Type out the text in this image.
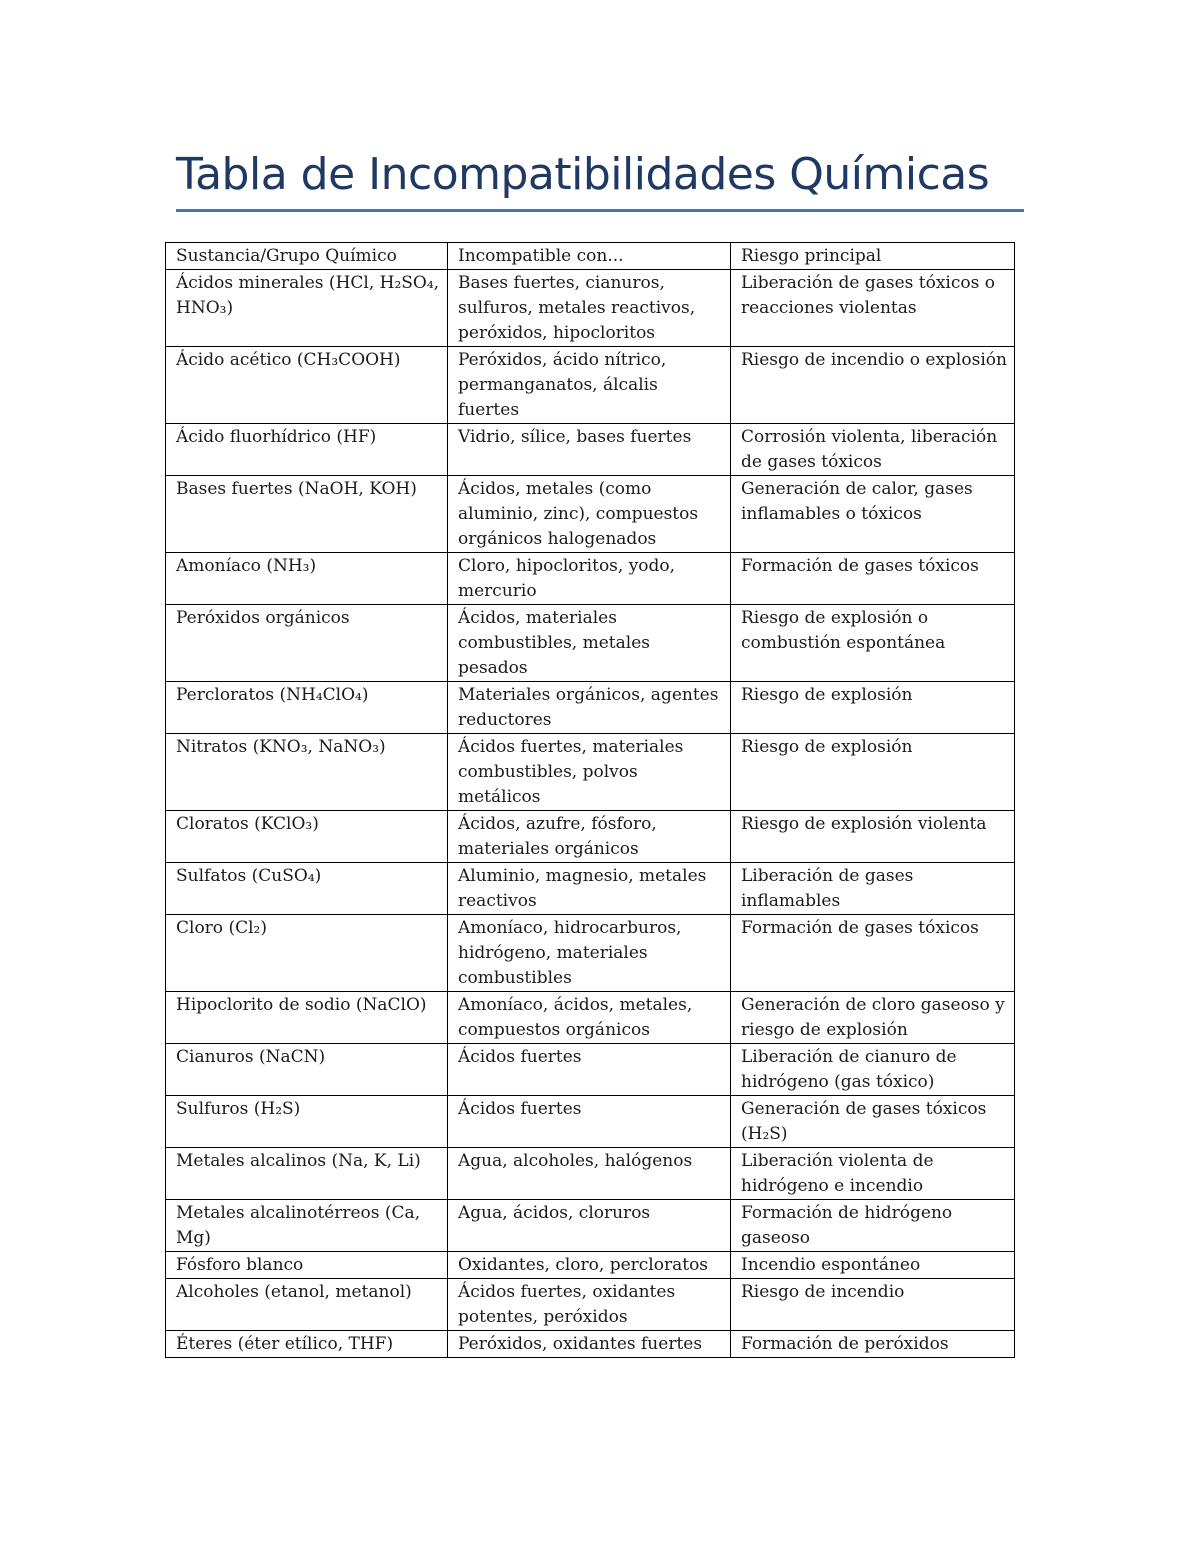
Tabla de Incompatibilidades Químicas
Sustancia/Grupo Químico	Incompatible con...	Riesgo principal
Ácidos minerales (HCl, H₂SO₄, HNO₃)	Bases fuertes, cianuros, sulfuros, metales reactivos, peróxidos, hipocloritos	Liberación de gases tóxicos o reacciones violentas
Ácido acético (CH₃COOH)	Peróxidos, ácido nítrico, permanganatos, álcalis fuertes	Riesgo de incendio o explosión
Ácido fluorhídrico (HF)	Vidrio, sílice, bases fuertes	Corrosión violenta, liberación de gases tóxicos
Bases fuertes (NaOH, KOH)	Ácidos, metales (como aluminio, zinc), compuestos orgánicos halogenados	Generación de calor, gases inflamables o tóxicos
Amoníaco (NH₃)	Cloro, hipocloritos, yodo, mercurio	Formación de gases tóxicos
Peróxidos orgánicos	Ácidos, materiales combustibles, metales pesados	Riesgo de explosión o combustión espontánea
Percloratos (NH₄ClO₄)	Materiales orgánicos, agentes reductores	Riesgo de explosión
Nitratos (KNO₃, NaNO₃)	Ácidos fuertes, materiales combustibles, polvos metálicos	Riesgo de explosión
Cloratos (KClO₃)	Ácidos, azufre, fósforo, materiales orgánicos	Riesgo de explosión violenta
Sulfatos (CuSO₄)	Aluminio, magnesio, metales reactivos	Liberación de gases inflamables
Cloro (Cl₂)	Amoníaco, hidrocarburos, hidrógeno, materiales combustibles	Formación de gases tóxicos
Hipoclorito de sodio (NaClO)	Amoníaco, ácidos, metales, compuestos orgánicos	Generación de cloro gaseoso y riesgo de explosión
Cianuros (NaCN)	Ácidos fuertes	Liberación de cianuro de hidrógeno (gas tóxico)
Sulfuros (H₂S)	Ácidos fuertes	Generación de gases tóxicos (H₂S)
Metales alcalinos (Na, K, Li)	Agua, alcoholes, halógenos	Liberación violenta de hidrógeno e incendio
Metales alcalinotérreos (Ca, Mg)	Agua, ácidos, cloruros	Formación de hidrógeno gaseoso
Fósforo blanco	Oxidantes, cloro, percloratos	Incendio espontáneo
Alcoholes (etanol, metanol)	Ácidos fuertes, oxidantes potentes, peróxidos	Riesgo de incendio
Éteres (éter etílico, THF)	Peróxidos, oxidantes fuertes	Formación de peróxidos
